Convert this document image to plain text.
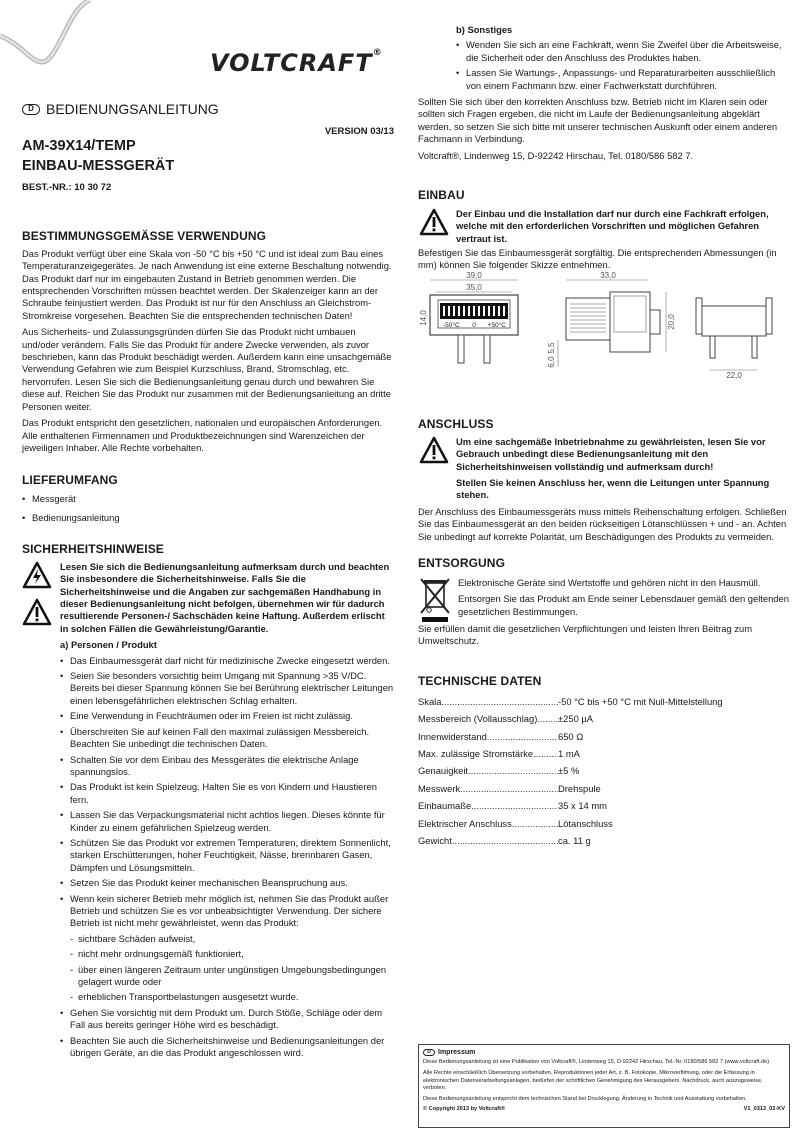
VOLTCRAFT®
D BEDIENUNGSANLEITUNG
VERSION 03/13
AM-39X14/TEMP
EINBAU-MESSGERÄT
BEST.-NR.: 10 30 72
BESTIMMUNGSGEMÄSSE VERWENDUNG
Das Produkt verfügt über eine Skala von -50 °C bis +50 °C und ist ideal zum Bau eines Temperaturanzeigegerätes. Je nach Anwendung ist eine externe Beschaltung notwendig. Das Produkt darf nur im eingebauten Zustand in Betrieb genommen werden. Die entsprechenden Vorschriften müssen beachtet werden. Der Skalenzeiger kann an der Schraube feinjustiert werden. Das Produkt ist nur für den Anschluss an Gleichstrom-Stromkreise vorgesehen. Beachten Sie die entsprechenden technischen Daten!
Aus Sicherheits- und Zulassungsgründen dürfen Sie das Produkt nicht umbauen und/oder verändern. Falls Sie das Produkt für andere Zwecke verwenden, als zuvor beschrieben, kann das Produkt beschädigt werden. Außerdem kann eine unsachgemäße Verwendung Gefahren wie zum Beispiel Kurzschluss, Brand, Stromschlag, etc. hervorrufen. Lesen Sie sich die Bedienungsanleitung genau durch und bewahren Sie diese auf. Reichen Sie das Produkt nur zusammen mit der Bedienungsanleitung an dritte Personen weiter.
Das Produkt entspricht den gesetzlichen, nationalen und europäischen Anforderungen. Alle enthaltenen Firmennamen und Produktbezeichnungen sind Warenzeichen der jeweiligen Inhaber. Alle Rechte vorbehalten.
LIEFERUMFANG
• Messgerät
• Bedienungsanleitung
SICHERHEITSHINWEISE

Lesen Sie sich die Bedienungsanleitung aufmerksam durch und beachten Sie insbesondere die Sicherheitshinweise. Falls Sie die Sicherheitshinweise und die Angaben zur sachgemäßen Handhabung in dieser Bedienungsanleitung nicht befolgen, übernehmen wir für dadurch resultierende Personen-/ Sachschäden keine Haftung. Außerdem erlischt in solchen Fällen die Gewährleistung/Garantie.
a) Personen / Produkt
• Das Einbaumessgerät darf nicht für medizinische Zwecke eingesetzt werden.
• Seien Sie besonders vorsichtig beim Umgang mit Spannung >35 V/DC. Bereits bei dieser Spannung können Sie bei Berührung elektrischer Leitungen einen lebensgefährlichen elektrischen Schlag erhalten.
• Eine Verwendung in Feuchträumen oder im Freien ist nicht zulässig.
• Überschreiten Sie auf keinen Fall den maximal zulässigen Messbereich. Beachten Sie unbedingt die technischen Daten.
• Schalten Sie vor dem Einbau des Messgerätes die elektrische Anlage spannungslos.
• Das Produkt ist kein Spielzeug. Halten Sie es von Kindern und Haustieren fern.
• Lassen Sie das Verpackungsmaterial nicht achtlos liegen. Dieses könnte für Kinder zu einem gefährlichen Spielzeug werden.
• Schützen Sie das Produkt vor extremen Temperaturen, direktem Sonnenlicht, starken Erschütterungen, hoher Feuchtigkeit, Nässe, brennbaren Gasen, Dämpfen und Lösungsmitteln.
• Setzen Sie das Produkt keiner mechanischen Beanspruchung aus.
• Wenn kein sicherer Betrieb mehr möglich ist, nehmen Sie das Produkt außer Betrieb und schützen Sie es vor unbeabsichtigter Verwendung. Der sichere Betrieb ist nicht mehr gewährleistet, wenn das Produkt:
- sichtbare Schäden aufweist,
- nicht mehr ordnungsgemäß funktioniert,
- über einen längeren Zeitraum unter ungünstigen Umgebungsbedingungen gelagert wurde oder
- erheblichen Transportbelastungen ausgesetzt wurde.
• Gehen Sie vorsichtig mit dem Produkt um. Durch Stöße, Schläge oder dem Fall aus bereits geringer Höhe wird es beschädigt.
• Beachten Sie auch die Sicherheitshinweise und Bedienungsanleitungen der übrigen Geräte, an die das Produkt angeschlossen wird.
b) Sonstiges
• Wenden Sie sich an eine Fachkraft, wenn Sie Zweifel über die Arbeitsweise, die Sicherheit oder den Anschluss des Produktes haben.
• Lassen Sie Wartungs-, Anpassungs- und Reparaturarbeiten ausschließlich von einem Fachmann bzw. einer Fachwerkstatt durchführen.
Sollten Sie sich über den korrekten Anschluss bzw. Betrieb nicht im Klaren sein oder sollten sich Fragen ergeben, die nicht im Laufe der Bedienungsanleitung abgeklärt werden, so setzen Sie sich bitte mit unserer technischen Auskunft oder einem anderen Fachmann in Verbindung.
Voltcraft®, Lindenweg 15, D-92242 Hirschau, Tel. 0180/586 582 7.
EINBAU
Der Einbau und die Installation darf nur durch eine Fachkraft erfolgen, welche mit den erforderlichen Vorschriften und möglichen Gefahren vertraut ist.
Befestigen Sie das Einbaumessgerät sorgfältig. Die entsprechenden Abmessungen (in mm) können Sie folgender Skizze entnehmen.
39,0
35,0
-50°C 0 +50°C
14,0
33,0
20,0
5,5
6,0
22,0
ANSCHLUSS
Um eine sachgemäße Inbetriebnahme zu gewährleisten, lesen Sie vor Gebrauch unbedingt diese Bedienungsanleitung mit den Sicherheitshinweisen vollständig und aufmerksam durch!
Stellen Sie keinen Anschluss her, wenn die Leitungen unter Spannung stehen.
Der Anschluss des Einbaumessgeräts muss mittels Reihenschaltung erfolgen. Schließen Sie das Einbaumessgerät an den beiden rückseitigen Lötanschlüssen + und - an. Achten Sie unbedingt auf korrekte Polarität, um Beschädigungen des Produkts zu vermeiden.
ENTSORGUNG
Elektronische Geräte sind Wertstoffe und gehören nicht in den Hausmüll.
Entsorgen Sie das Produkt am Ende seiner Lebensdauer gemäß den geltenden gesetzlichen Bestimmungen.
Sie erfüllen damit die gesetzlichen Verpflichtungen und leisten Ihren Beitrag zum Umweltschutz.
TECHNISCHE DATEN
Skala .....	-50 °C bis +50 °C mit Null-Mittelstellung
Messbereich (Vollausschlag) .....	±250 µA
Innenwiderstand .....	650 Ω
Max. zulässige Stromstärke .....	1 mA
Genauigkeit .....	±5 %
Messwerk .....	Drehspule
Einbaumaße .....	35 x 14 mm
Elektrischer Anschluss .....	Lötanschluss
Gewicht .....	ca. 11 g
D	Impressum
Diese Bedienungsanleitung ist eine Publikation von Voltcraft®, Lindenweg 15, D-92242 Hirschau, Tel.-Nr. 0180/586 582 7 (www.voltcraft.de).
Alle Rechte einschließlich Übersetzung vorbehalten. Reproduktionen jeder Art, z. B. Fotokopie, Mikroverfilmung, oder die Erfassung in elektronischen Datenverarbeitungsanlagen, bedürfen der schriftlichen Genehmigung des Herausgebers. Nachdruck, auch auszugsweise, verboten.
Diese Bedienungsanleitung entspricht dem technischen Stand bei Drucklegung. Änderung in Technik und Ausstattung vorbehalten.
© Copyright 2013 by Voltcraft®	V1_0313_02-KV
